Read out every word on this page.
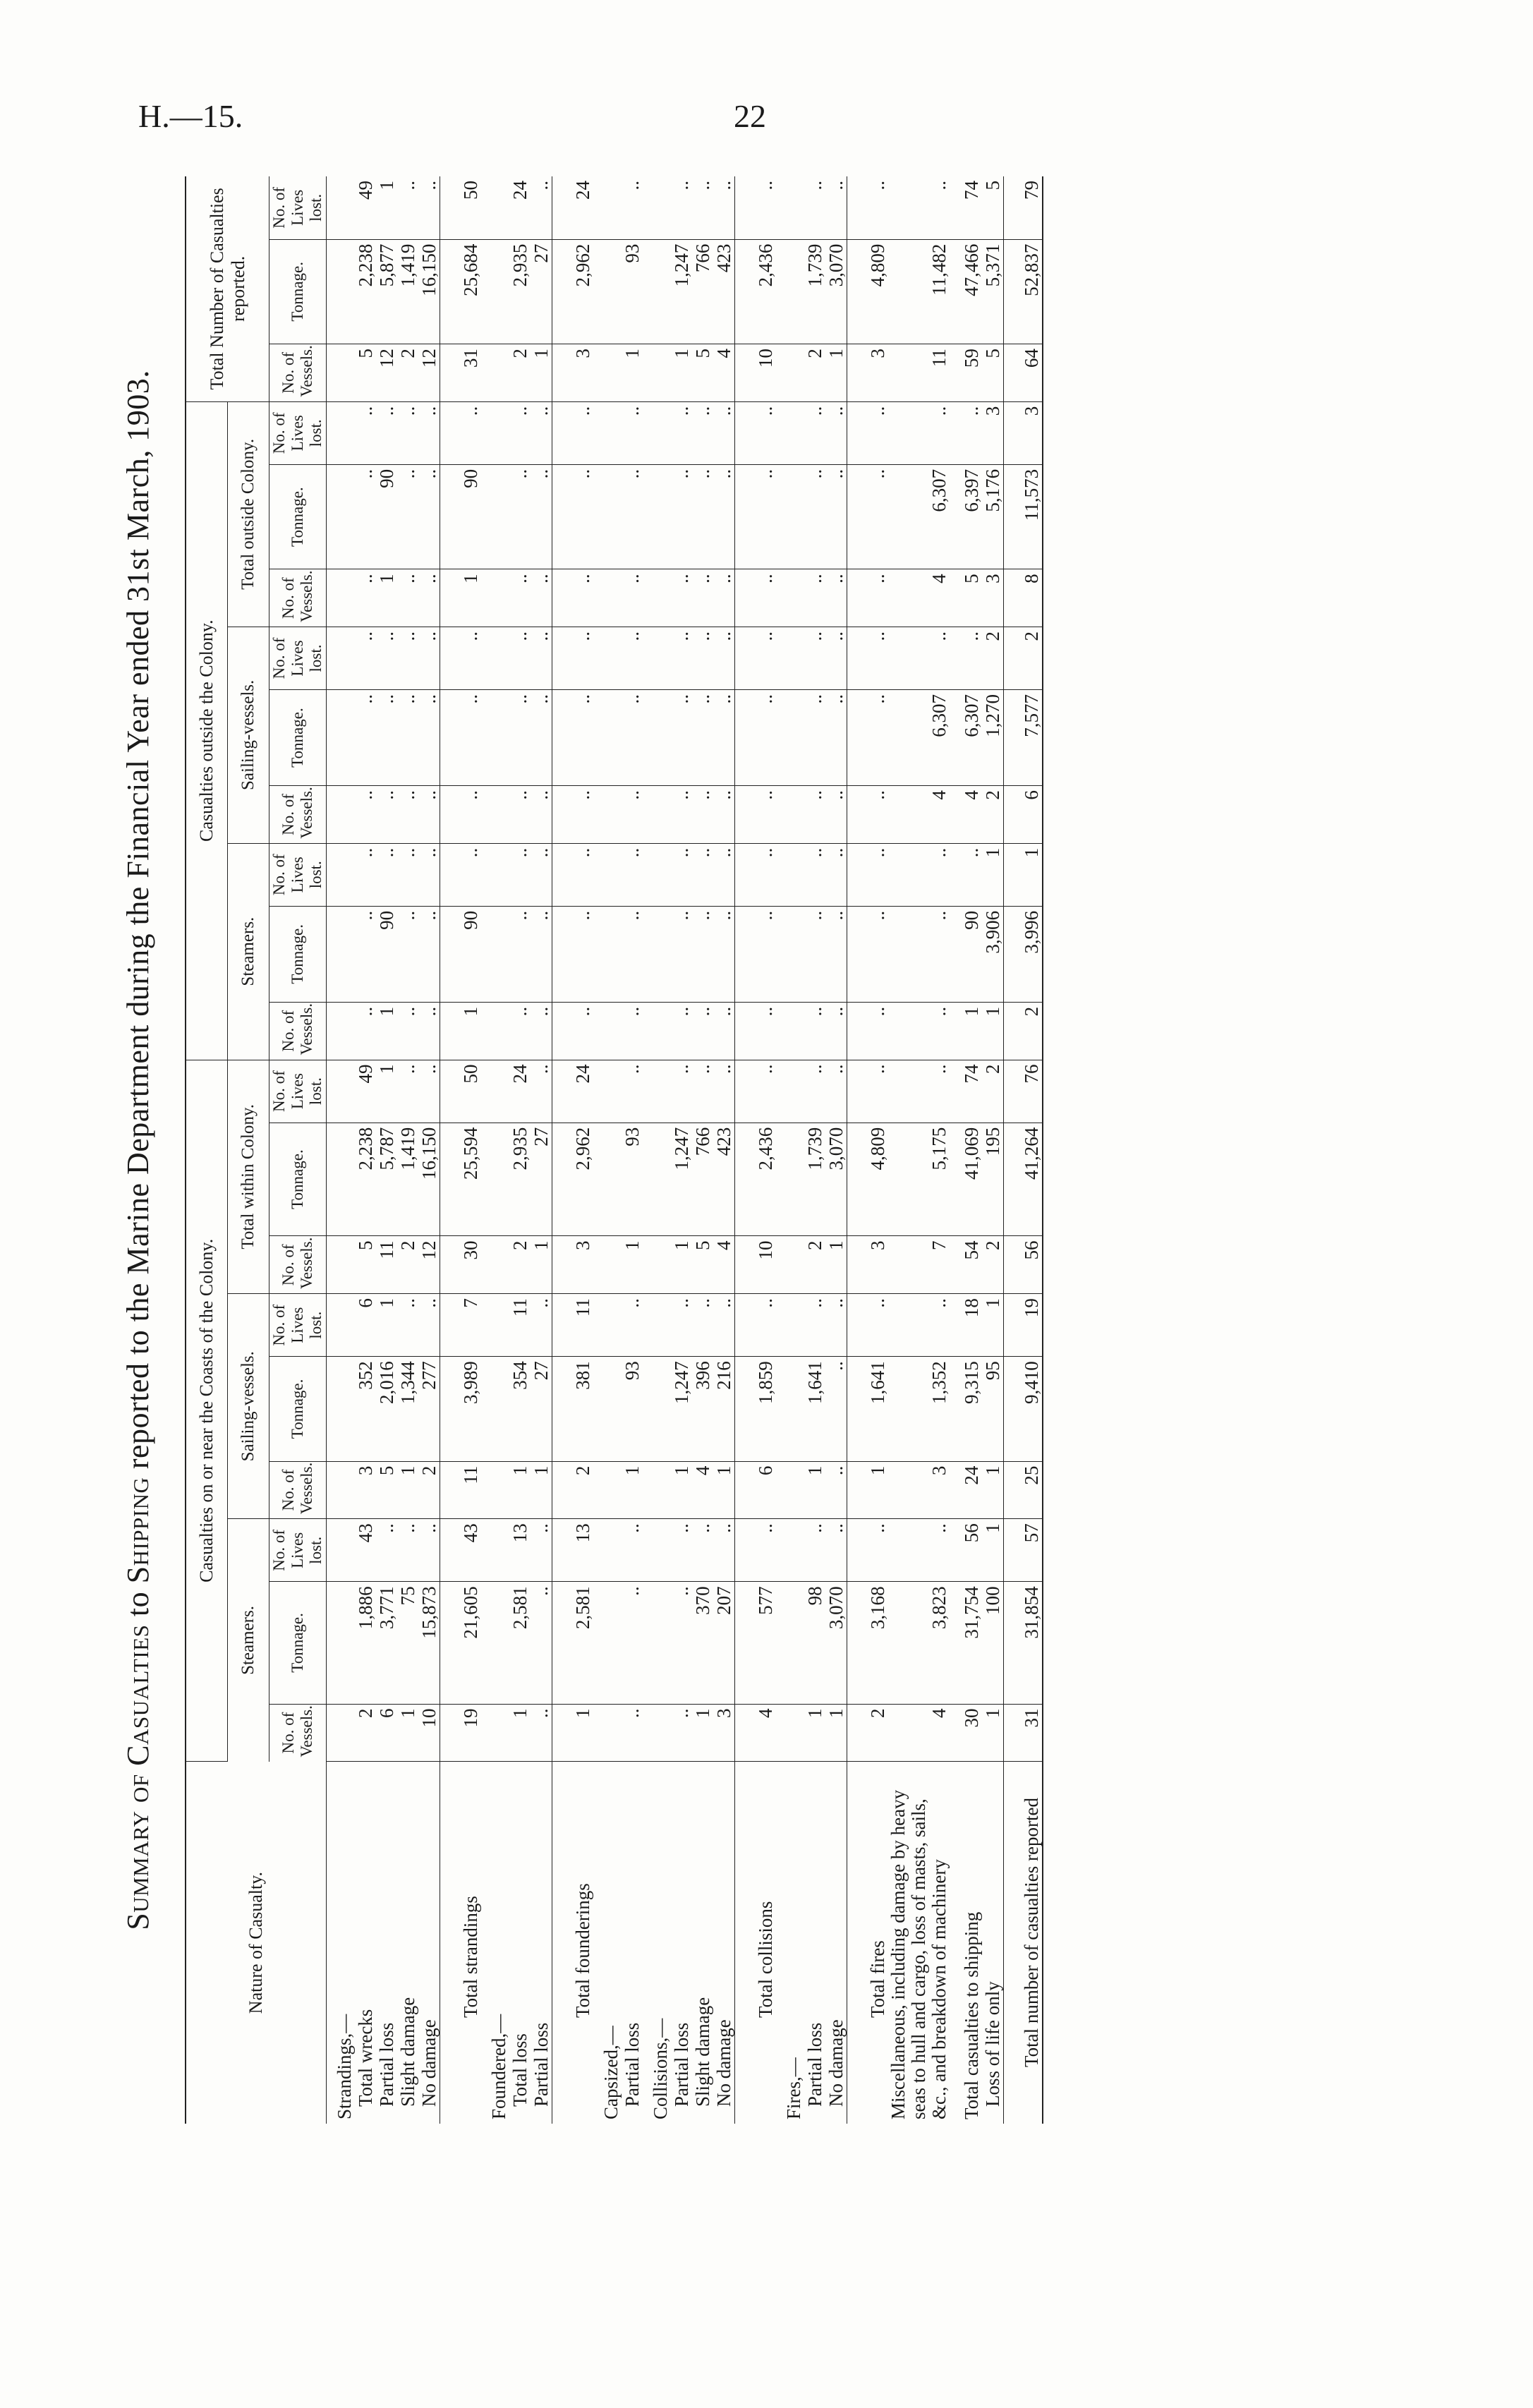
H.—15.	22
Summary of Casualties to Shipping reported to the Marine Department during the Financial Year ended 31st March, 1903.
Nature of Casualty.	Casualties on or near the Coasts of the Colony.									Casualties outside the Colony.									Total Number of Casualties reported.		
	Steamers.			Sailing-vessels.			Total within Colony.			Steamers.			Sailing-vessels.			Total outside Colony.					
	No. of Vessels.	Tonnage.	No. of Lives lost.	No. of Vessels.	Tonnage.	No. of Lives lost.	No. of Vessels.	Tonnage.	No. of Lives lost.	No. of Vessels.	Tonnage.	No. of Lives lost.	No. of Vessels.	Tonnage.	No. of Lives lost.	No. of Vessels.	Tonnage.	No. of Lives lost.	No. of Vessels.	Tonnage.	No. of Lives lost.
Strandings,—																					
Total wrecks	2	1,886	43	3	352	6	5	2,238	49	..	..	..	..	..	..	..	..	..	5	2,238	49
Partial loss	6	3,771	..	5	2,016	1	11	5,787	1	1	90	..	..	..	..	1	90	..	12	5,877	1
Slight damage	1	75	..	1	1,344	..	2	1,419	..	..	..	..	..	..	..	..	..	..	2	1,419	..
No damage	10	15,873	..	2	277	..	12	16,150	..	..	..	..	..	..	..	..	..	..	12	16,150	..
Total strandings	19	21,605	43	11	3,989	7	30	25,594	50	1	90	..	..	..	..	1	90	..	31	25,684	50
Foundered,—																					
Total loss	1	2,581	13	1	354	11	2	2,935	24	..	..	..	..	..	..	..	..	..	2	2,935	24
Partial loss	..	..	..	1	27	..	1	27	..	..	..	..	..	..	..	..	..	..	1	27	..
Total founderings	1	2,581	13	2	381	11	3	2,962	24	..	..	..	..	..	..	..	..	..	3	2,962	24
Capsized,—																					
Partial loss	..	..	..	1	93	..	1	93	..	..	..	..	..	..	..	..	..	..	1	93	..
Collisions,—																					
Partial loss	..	..	..	1	1,247	..	1	1,247	..	..	..	..	..	..	..	..	..	..	1	1,247	..
Slight damage	1	370	..	4	396	..	5	766	..	..	..	..	..	..	..	..	..	..	5	766	..
No damage	3	207	..	1	216	..	4	423	..	..	..	..	..	..	..	..	..	..	4	423	..
Total collisions	4	577	..	6	1,859	..	10	2,436	..	..	..	..	..	..	..	..	..	..	10	2,436	..
Fires,—																					
Partial loss	1	98	..	1	1,641	..	2	1,739	..	..	..	..	..	..	..	..	..	..	2	1,739	..
No damage	1	3,070	..	..	..	..	1	3,070	..	..	..	..	..	..	..	..	..	..	1	3,070	..
Total fires	2	3,168	..	1	1,641	..	3	4,809	..	..	..	..	..	..	..	..	..	..	3	4,809	..
Miscellaneous, including damage by heavy seas to hull and cargo, loss of masts, sails, &c., and breakdown of machinery	4	3,823	..	3	1,352	..	7	5,175	..	..	..	..	4	6,307	..	4	6,307	..	11	11,482	..
Total casualties to shipping	30	31,754	56	24	9,315	18	54	41,069	74	1	90	..	4	6,307	..	5	6,397	..	59	47,466	74
Loss of life only	1	100	1	1	95	1	2	195	2	1	3,906	1	2	1,270	2	3	5,176	3	5	5,371	5
Total number of casualties reported	31	31,854	57	25	9,410	19	56	41,264	76	2	3,996	1	6	7,577	2	8	11,573	3	64	52,837	79
